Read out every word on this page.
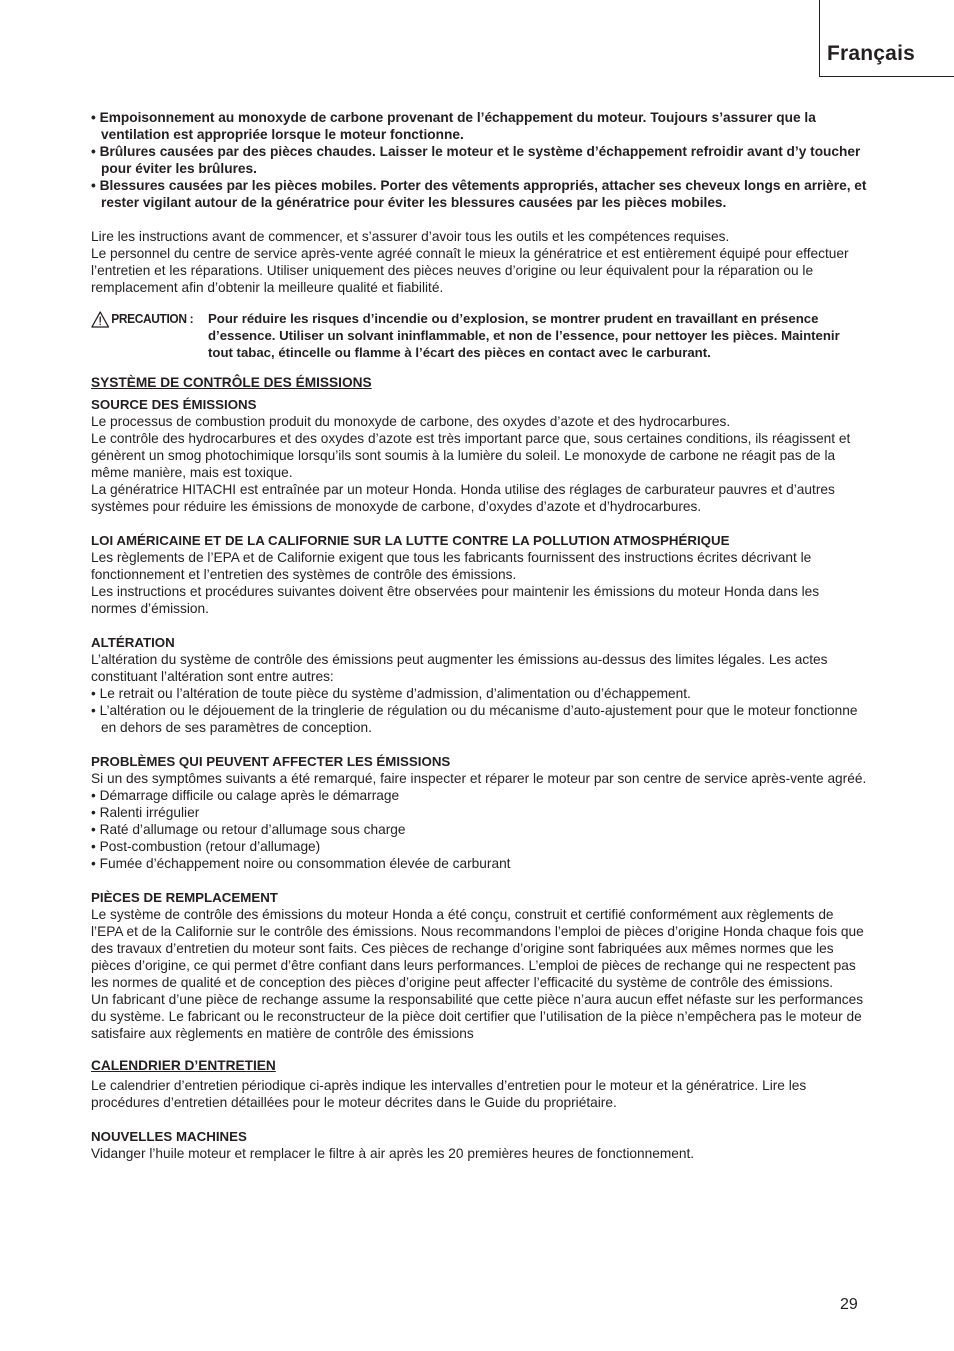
Français
• Empoisonnement au monoxyde de carbone provenant de l’échappement du moteur. Toujours s’assurer que la ventilation est appropriée lorsque le moteur fonctionne.
• Brûlures causées par des pièces chaudes. Laisser le moteur et le système d’échappement refroidir avant d’y toucher pour éviter les brûlures.
• Blessures causées par les pièces mobiles. Porter des vêtements appropriés, attacher ses cheveux longs en arrière, et rester vigilant autour de la génératrice pour éviter les blessures causées par les pièces mobiles.
Lire les instructions avant de commencer, et s’assurer d’avoir tous les outils et les compétences requises.
Le personnel du centre de service après-vente agréé connaît le mieux la génératrice et est entièrement équipé pour effectuer l’entretien et les réparations. Utiliser uniquement des pièces neuves d’origine ou leur équivalent pour la réparation ou le remplacement afin d’obtenir la meilleure qualité et fiabilité.
PRECAUTION : Pour réduire les risques d’incendie ou d’explosion, se montrer prudent en travaillant en présence d’essence. Utiliser un solvant ininflammable, et non de l’essence, pour nettoyer les pièces. Maintenir tout tabac, étincelle ou flamme à l’écart des pièces en contact avec le carburant.
SYSTÈME DE CONTRÔLE DES ÉMISSIONS
SOURCE DES ÉMISSIONS
Le processus de combustion produit du monoxyde de carbone, des oxydes d’azote et des hydrocarbures.
Le contrôle des hydrocarbures et des oxydes d’azote est très important parce que, sous certaines conditions, ils réagissent et génèrent un smog photochimique lorsqu’ils sont soumis à la lumière du soleil. Le monoxyde de carbone ne réagit pas de la même manière, mais est toxique.
La génératrice HITACHI est entraînée par un moteur Honda. Honda utilise des réglages de carburateur pauvres et d’autres systèmes pour réduire les émissions de monoxyde de carbone, d’oxydes d’azote et d’hydrocarbures.
LOI AMÉRICAINE ET DE LA CALIFORNIE SUR LA LUTTE CONTRE LA POLLUTION ATMOSPHÉRIQUE
Les règlements de l’EPA et de Californie exigent que tous les fabricants fournissent des instructions écrites décrivant le fonctionnement et l’entretien des systèmes de contrôle des émissions.
Les instructions et procédures suivantes doivent être observées pour maintenir les émissions du moteur Honda dans les normes d’émission.
ALTÉRATION
L’altération du système de contrôle des émissions peut augmenter les émissions au-dessus des limites légales. Les actes constituant l’altération sont entre autres:
• Le retrait ou l’altération de toute pièce du système d’admission, d’alimentation ou d’échappement.
• L’altération ou le déjouement de la tringlerie de régulation ou du mécanisme d’auto-ajustement pour que le moteur fonctionne en dehors de ses paramètres de conception.
PROBLÈMES QUI PEUVENT AFFECTER LES ÉMISSIONS
Si un des symptômes suivants a été remarqué, faire inspecter et réparer le moteur par son centre de service après-vente agréé.
• Démarrage difficile ou calage après le démarrage
• Ralenti irrégulier
• Raté d’allumage ou retour d’allumage sous charge
• Post-combustion (retour d’allumage)
• Fumée d’échappement noire ou consommation élevée de carburant
PIÈCES DE REMPLACEMENT
Le système de contrôle des émissions du moteur Honda a été conçu, construit et certifié conformément aux règlements de l’EPA et de la Californie sur le contrôle des émissions. Nous recommandons l’emploi de pièces d’origine Honda chaque fois que des travaux d’entretien du moteur sont faits. Ces pièces de rechange d’origine sont fabriquées aux mêmes normes que les pièces d’origine, ce qui permet d’être confiant dans leurs performances. L’emploi de pièces de rechange qui ne respectent pas les normes de qualité et de conception des pièces d’origine peut affecter l’efficacité du système de contrôle des émissions.
Un fabricant d’une pièce de rechange assume la responsabilité que cette pièce n’aura aucun effet néfaste sur les performances du système. Le fabricant ou le reconstructeur de la pièce doit certifier que l’utilisation de la pièce n’empêchera pas le moteur de satisfaire aux règlements en matière de contrôle des émissions
CALENDRIER D’ENTRETIEN
Le calendrier d’entretien périodique ci-après indique les intervalles d’entretien pour le moteur et la génératrice. Lire les procédures d’entretien détaillées pour le moteur décrites dans le Guide du propriétaire.
NOUVELLES MACHINES
Vidanger l’huile moteur et remplacer le filtre à air après les 20 premières heures de fonctionnement.
29
